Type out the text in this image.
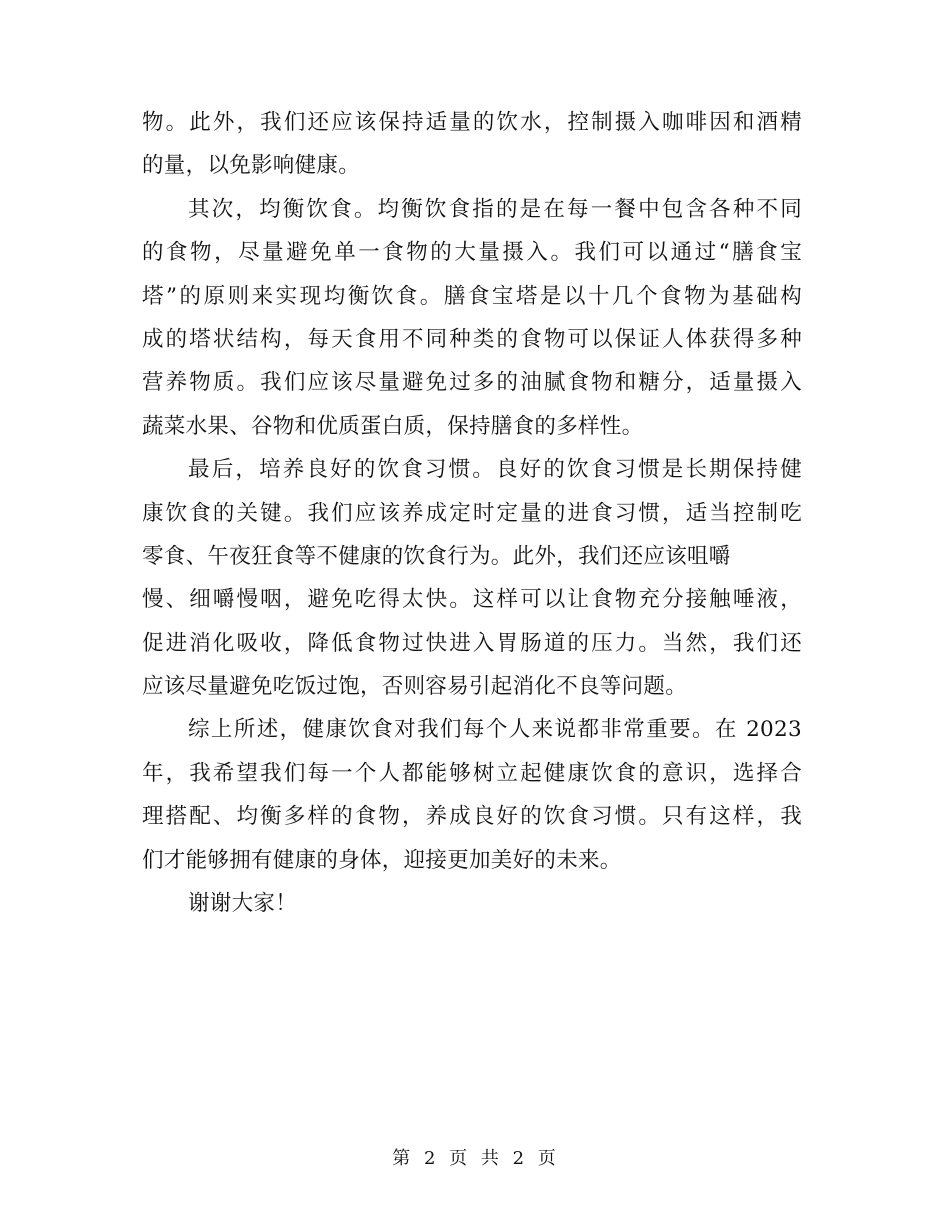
物。此外，我们还应该保持适量的饮水，控制摄入咖啡因和酒精
的量，以免影响健康。
其次，均衡饮食。均衡饮食指的是在每一餐中包含各种不同
的食物，尽量避免单一食物的大量摄入。我们可以通过“膳食宝
塔”的原则来实现均衡饮食。膳食宝塔是以十几个食物为基础构
成的塔状结构，每天食用不同种类的食物可以保证人体获得多种
营养物质。我们应该尽量避免过多的油腻食物和糖分，适量摄入
蔬菜水果、谷物和优质蛋白质，保持膳食的多样性。
最后，培养良好的饮食习惯。良好的饮食习惯是长期保持健
康饮食的关键。我们应该养成定时定量的进食习惯，适当控制吃
零食、午夜狂食等不健康的饮食行为。此外，我们还应该咀嚼
慢、细嚼慢咽，避免吃得太快。这样可以让食物充分接触唾液，
促进消化吸收，降低食物过快进入胃肠道的压力。当然，我们还
应该尽量避免吃饭过饱，否则容易引起消化不良等问题。
综上所述，健康饮食对我们每个人来说都非常重要。在 2023
年，我希望我们每一个人都能够树立起健康饮食的意识，选择合
理搭配、均衡多样的食物，养成良好的饮食习惯。只有这样，我
们才能够拥有健康的身体，迎接更加美好的未来。
谢谢大家！
第 2 页 共 2 页
